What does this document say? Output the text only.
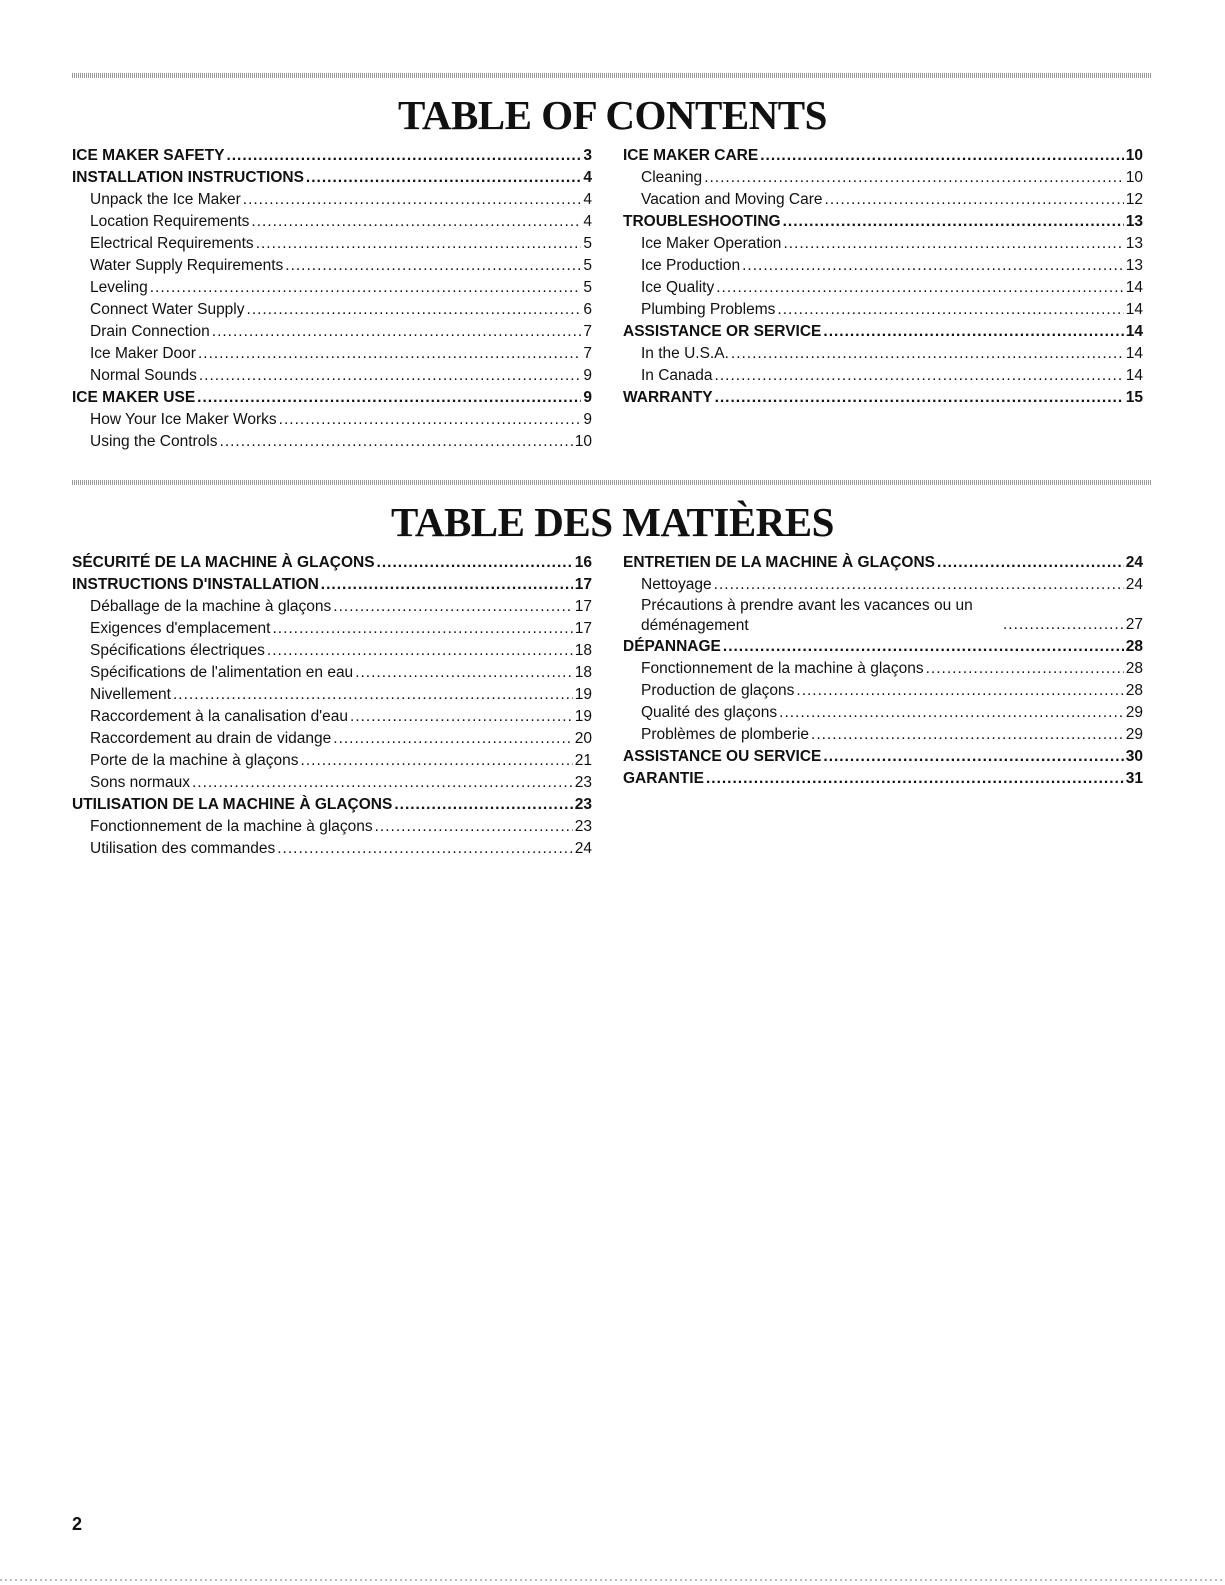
TABLE OF CONTENTS
ICE MAKER SAFETY .....	3
INSTALLATION INSTRUCTIONS .....	4
Unpack the Ice Maker .....	4
Location Requirements .....	4
Electrical Requirements .....	5
Water Supply Requirements .....	5
Leveling .....	5
Connect Water Supply .....	6
Drain Connection .....	7
Ice Maker Door .....	7
Normal Sounds .....	9
ICE MAKER USE .....	9
How Your Ice Maker Works .....	9
Using the Controls .....	10
ICE MAKER CARE .....	10
Cleaning .....	10
Vacation and Moving Care .....	12
TROUBLESHOOTING .....	13
Ice Maker Operation .....	13
Ice Production .....	13
Ice Quality .....	14
Plumbing Problems .....	14
ASSISTANCE OR SERVICE .....	14
In the U.S.A. .....	14
In Canada .....	14
WARRANTY .....	15
TABLE DES MATIÈRES
SÉCURITÉ DE LA MACHINE À GLAÇONS .....	16
INSTRUCTIONS D'INSTALLATION .....	17
Déballage de la machine à glaçons .....	17
Exigences d'emplacement .....	17
Spécifications électriques .....	18
Spécifications de l'alimentation en eau .....	18
Nivellement .....	19
Raccordement à la canalisation d'eau .....	19
Raccordement au drain de vidange .....	20
Porte de la machine à glaçons .....	21
Sons normaux .....	23
UTILISATION DE LA MACHINE À GLAÇONS .....	23
Fonctionnement de la machine à glaçons .....	23
Utilisation des commandes .....	24
ENTRETIEN DE LA MACHINE À GLAÇONS .....	24
Nettoyage .....	24
Précautions à prendre avant les vacances ou un déménagement .....	27
DÉPANNAGE .....	28
Fonctionnement de la machine à glaçons .....	28
Production de glaçons .....	28
Qualité des glaçons .....	29
Problèmes de plomberie .....	29
ASSISTANCE OU SERVICE .....	30
GARANTIE .....	31

2
